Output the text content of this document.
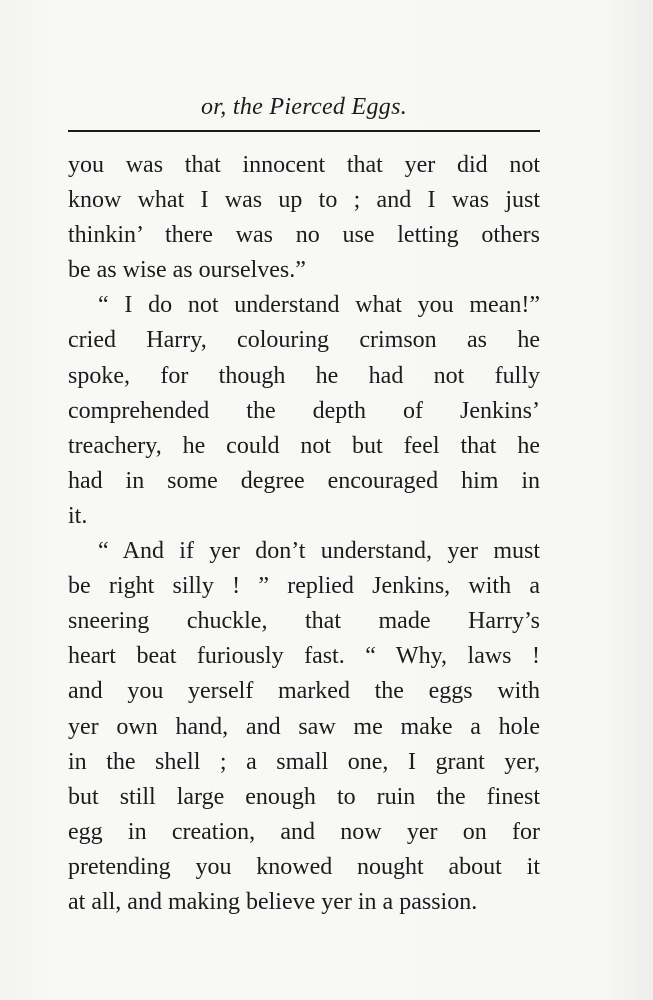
or, the Pierced Eggs.
you was that innocent that yer did not
know what I was up to ; and I was just
thinkin’ there was no use letting others
be as wise as ourselves.”
“ I do not understand what you mean!”
cried Harry, colouring crimson as he
spoke, for though he had not fully
comprehended the depth of Jenkins’
treachery, he could not but feel that he
had in some degree encouraged him in
it.
“ And if yer don’t understand, yer must
be right silly ! ” replied Jenkins, with a
sneering chuckle, that made Harry’s
heart beat furiously fast. “ Why, laws !
and you yerself marked the eggs with
yer own hand, and saw me make a hole
in the shell ; a small one, I grant yer,
but still large enough to ruin the finest
egg in creation, and now yer on for
pretending you knowed nought about it
at all, and making believe yer in a passion.
